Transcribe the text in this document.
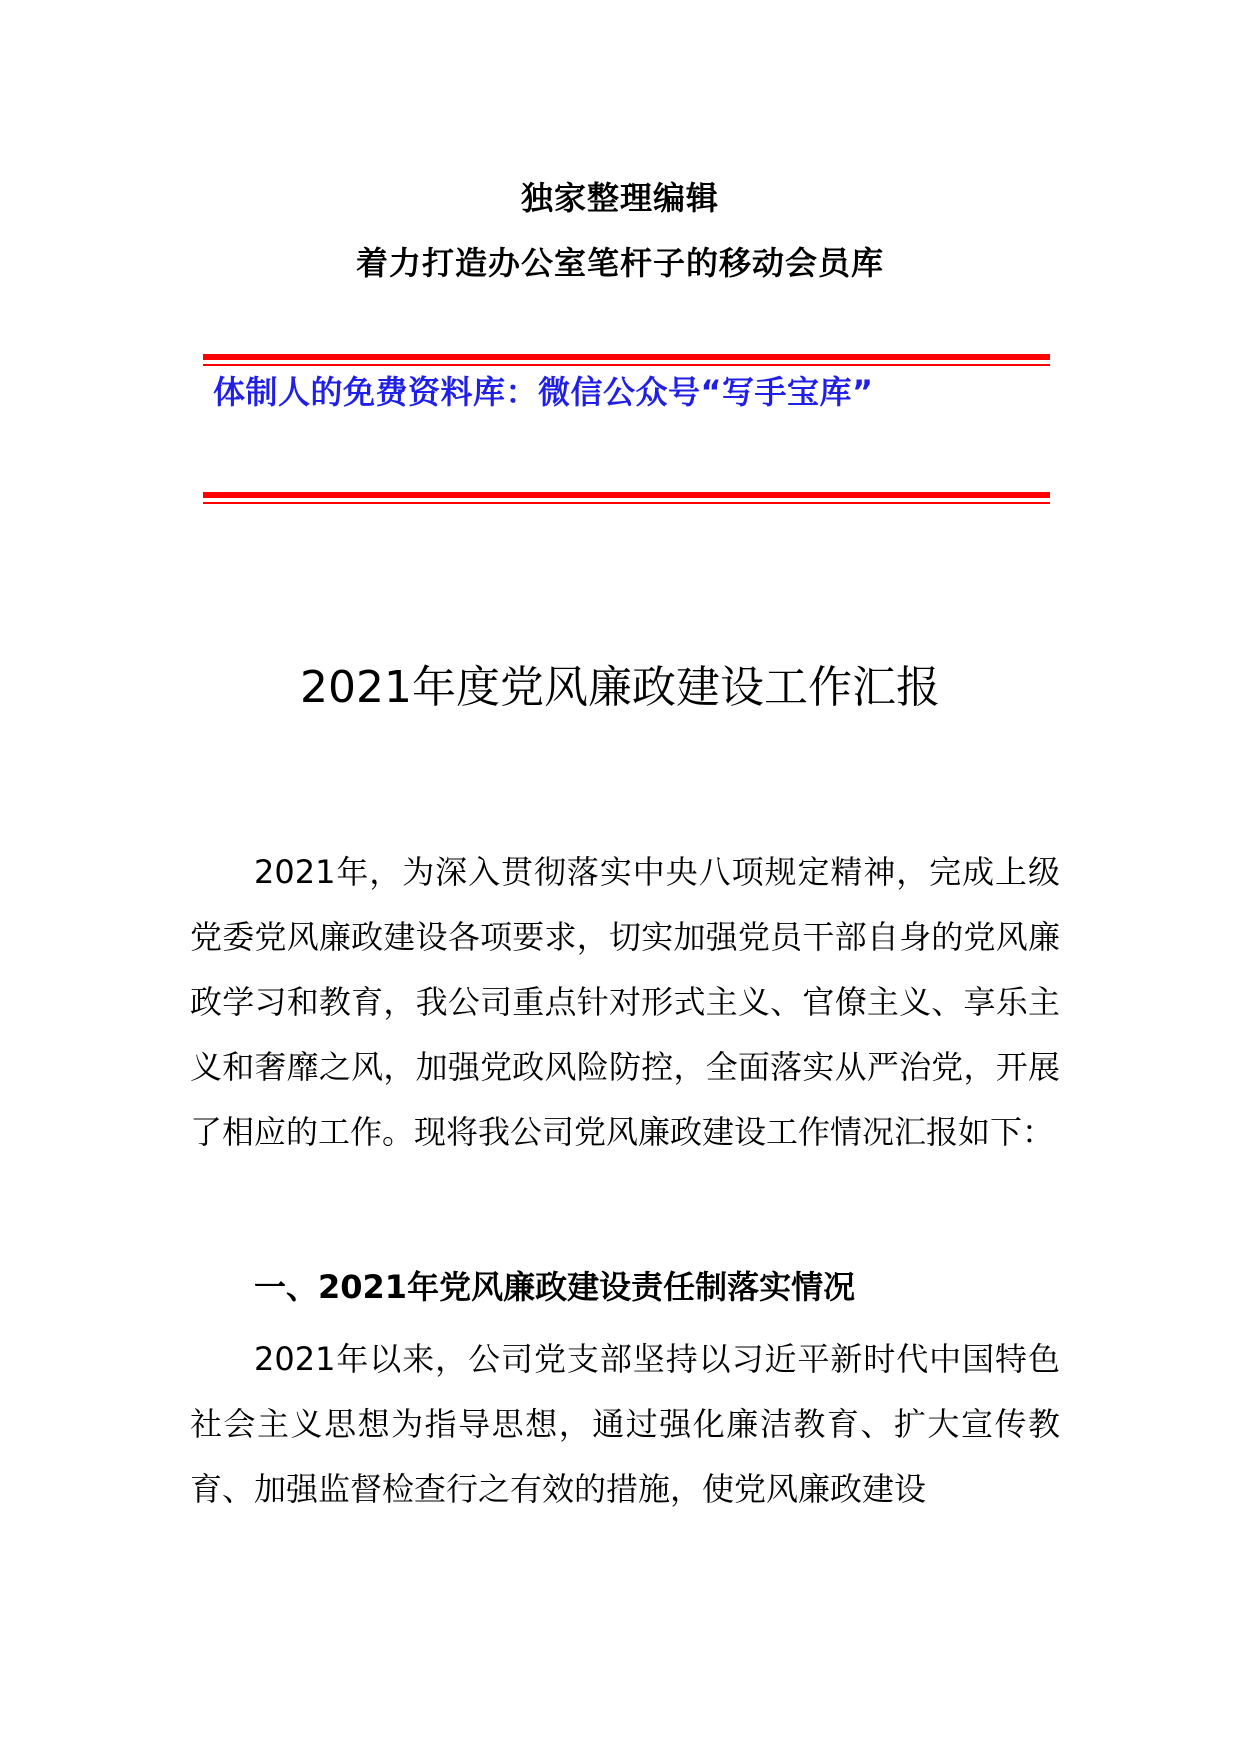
独家整理编辑
着力打造办公室笔杆子的移动会员库
体制人的免费资料库：微信公众号“写手宝库”
2021年度党风廉政建设工作汇报

2021年，为深入贯彻落实中央八项规定精神，完成上级党委党风廉政建设各项要求，切实加强党员干部自身的党风廉政学习和教育，我公司重点针对形式主义、官僚主义、享乐主义和奢靡之风，加强党政风险防控，全面落实从严治党，开展了相应的工作。现将我公司党风廉政建设工作情况汇报如下：

一、2021年党风廉政建设责任制落实情况

2021年以来，公司党支部坚持以习近平新时代中国特色社会主义思想为指导思想，通过强化廉洁教育、扩大宣传教育、加强监督检查行之有效的措施，使党风廉政建设
